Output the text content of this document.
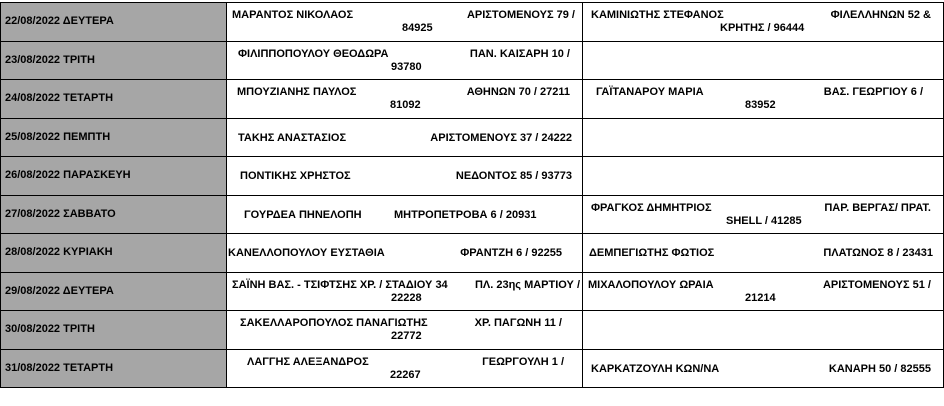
22/08/2022 ΔΕΥΤΕΡΑ	ΜΑΡΑΝΤΟΣ ΝΙΚΟΛΑΟΣ ΑΡΙΣΤΟΜΕΝΟΥΣ 79 /
84925	ΚΑΜΙΝΙΩΤΗΣ ΣΤΕΦΑΝΟΣ ΦΙΛΕΛΛΗΝΩΝ 52 &
ΚΡΗΤΗΣ / 96444

23/08/2022 ΤΡΙΤΗ	ΦΙΛΙΠΠΟΠΟΥΛΟΥ ΘΕΟΔΩΡΑ ΠΑΝ. ΚΑΙΣΑΡΗ 10 /
93780	

24/08/2022 ΤΕΤΑΡΤΗ	ΜΠΟΥΖΙΑΝΗΣ ΠΑΥΛΟΣ ΑΘΗΝΩΝ 70 / 27211
81092	ΓΑΪΤΑΝΑΡΟΥ ΜΑΡΙΑ ΒΑΣ. ΓΕΩΡΓΙΟΥ 6 /
83952

25/08/2022 ΠΕΜΠΤΗ	ΤΑΚΗΣ ΑΝΑΣΤΑΣΙΟΣ ΑΡΙΣΤΟΜΕΝΟΥΣ 37 / 24222	

26/08/2022 ΠΑΡΑΣΚΕΥΗ	ΠΟΝΤΙΚΗΣ ΧΡΗΣΤΟΣ ΝΕΔΟΝΤΟΣ 85 / 93773	

27/08/2022 ΣΑΒΒΑΤΟ	ΓΟΥΡΔΕΑ ΠΗΝΕΛΟΠΗ ΜΗΤΡΟΠΕΤΡΟΒΑ 6 / 20931	ΦΡΑΓΚΟΣ ΔΗΜΗΤΡΙΟΣ ΠΑΡ. ΒΕΡΓΑΣ/ ΠΡΑΤ.
SHELL / 41285

28/08/2022 ΚΥΡΙΑΚΗ	ΚΑΝΕΛΛΟΠΟΥΛΟΥ ΕΥΣΤΑΘΙΑ ΦΡΑΝΤΖΗ 6 / 92255	ΔΕΜΠΕΓΙΩΤΗΣ ΦΩΤΙΟΣ ΠΛΑΤΩΝΟΣ 8 / 23431

29/08/2022 ΔΕΥΤΕΡΑ	ΣΑΪΝΗ ΒΑΣ. - ΤΣΙΦΤΣΗΣ ΧΡ. / ΣΤΑΔΙΟΥ 34 ΠΛ. 23ης ΜΑΡΤΙΟΥ /
22228	ΜΙΧΑΛΟΠΟΥΛΟΥ ΩΡΑΙΑ ΑΡΙΣΤΟΜΕΝΟΥΣ 51 /
21214

30/08/2022 ΤΡΙΤΗ	ΣΑΚΕΛΛΑΡΟΠΟΥΛΟΣ ΠΑΝΑΓΙΩΤΗΣ ΧΡ. ΠΑΓΩΝΗ 11 /
22772	

31/08/2022 ΤΕΤΑΡΤΗ	ΛΑΓΓΗΣ ΑΛΕΞΑΝΔΡΟΣ ΓΕΩΡΓΟΥΛΗ 1 /
22267	ΚΑΡΚΑΤΖΟΥΛΗ ΚΩΝ/ΝΑ ΚΑΝΑΡΗ 50 / 82555
